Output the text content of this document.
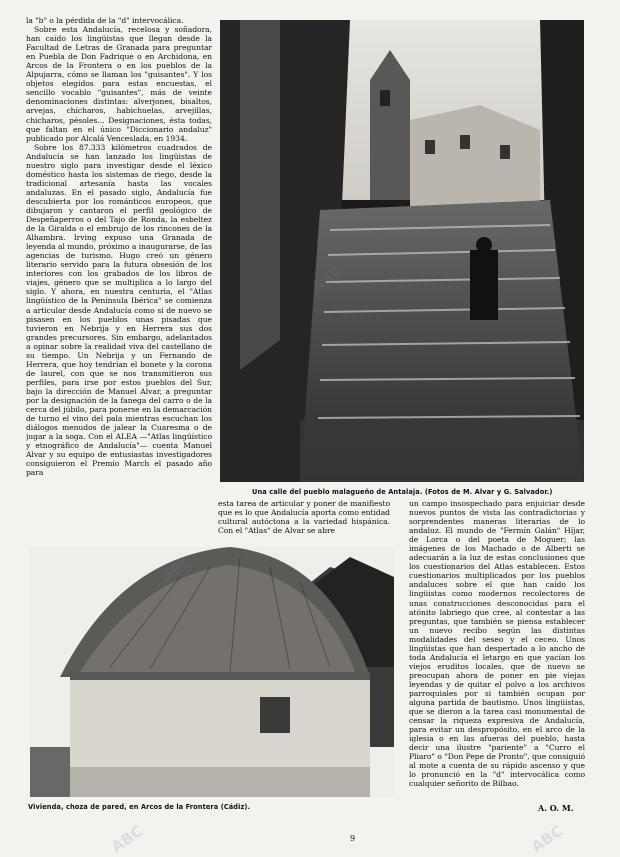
la "b" o la pérdida de la "d" intervocálica.

Sobre esta Andalucía, recelosa y soñadora, han caído los lingüistas que llegan desde la Facultad de Letras de Granada para preguntar en Puebla de Don Fadrique o en Archidona, en Arcos de la Frontera o en los pueblos de la Alpujarra, cómo se llaman los "guisantes". Y los objetos elegidos para estas encuestas, el sencillo vocablo "guisantes", más de veinte denominaciones distintas: alverjones, bisaltos, arvejas, chícharos, habichuelas, arvejillas, chicharos, pésoles... Designaciones, ésta todas, que faltan en el único "Diccionario andaluz" publicado por Alcalá Venceslada, en 1934.

Sobre los 87.333 kilómetros cuadrados de Andalucía se han lanzado los lingüistas de nuestro siglo para investigar desde el léxico doméstico hasta los sistemas de riego, desde la tradicional artesanía hasta las vocales andaluzas. En el pasado siglo, Andalucía fue descubierta por los románticos europeos, que dibujaron y cantaron el perfil geológico de Despeñaperros o del Tajo de Ronda, la esbeltez de la Giralda o el embrujo de los rincones de la Alhambra. Irving expuso una Granada de leyenda al mundo, próximo a inaugurarse, de las agencias de turismo. Hugo creó un género literario servido para la futura obsesión de los interiores con los grabados de los libros de viajes, género que se multiplica a lo largo del siglo. Y ahora, en nuestra centuria, el "Atlas lingüístico de la Península Ibérica" se comienza a articular desde Andalucía como si de nuevo se pisasen en los pueblos unas pisadas que tuvieron en Nebrija y en Herrera sus dos grandes precursores. Sin embargo, adelantados a opinar sobre la realidad viva del castellano de su tiempo. Un Nebrija y un Fernando de Herrera, que hoy tendrían el bonete y la corona de laurel, con que se nos transmitieron sus perfiles, para irse por estos pueblos del Sur, bajo la dirección de Manuel Alvar, a preguntar por la designación de la fanega del carro o de la cerca del júbilo, para ponerse en la demarcación de turno el vino del pala mientras escuchan los diálogos menudos de jalear la Cuaresma o de jugar a la soga. Con el ALEA —"Atlas lingüístico y etnográfico de Andalucía"— cuenta Manuel Alvar y su equipo de entusiastas investigadores consiguieron el Premio March el pasado año para

Una calle del pueblo malagueño de Antalaja. (Fotos de M. Alvar y G. Salvador.)

esta tarea de articular y poner de manifiesto que es lo que Andalucía aporta como entidad cultural autóctona a la variedad hispánica. Con el "Atlas" de Alvar se abre

un campo insospechado para enjuiciar desde nuevos puntos de vista las contradictorias y sorprendentes maneras literarias de lo andaluz. El mundo de "Fermín Galán" Híjar, de Lorca o del poeta de Moguer; las imágenes de los Machado o de Alberti se adecuarán a la luz de estas conclusiones que los cuestionarios del Atlas establecen. Estos cuestionarios multiplicados por los pueblos andaluces sobre el que han caído los lingüistas como modernos recolectores de unas construcciones desconocidas para el atónito labriego que cree, al contestar a las preguntas, que también se piensa establecer un nuevo recibo según las distintas modalidades del seseo y el ceceo. Unos lingüistas que han despertado a lo ancho de toda Andalucía el letargo en que yacían los viejos eruditos locales, que de nuevo se preocupan ahora de poner en pie viejas leyendas y de quitar el polvo a los archivos parroquiales por si también ocupan por alguna partida de bautismo. Unos lingüistas, que se dieron a la tarea casi monumental de censar la riqueza expresiva de Andalucía, para evitar un despropósito, en el arco de la iglesia o en las afueras del pueblo, hasta decir una ilustre "pariente" a "Curro el Pliaro" o "Don Pepe de Pronto", que consiguió al mote a cuenta de su rápido ascenso y que lo pronunció en la "d" intervocálica como cualquier señorito de Bilbao.

Vivienda, choza de pared, en Arcos de la Frontera (Cádiz).	A. O. M.
9	ABC
ABC
